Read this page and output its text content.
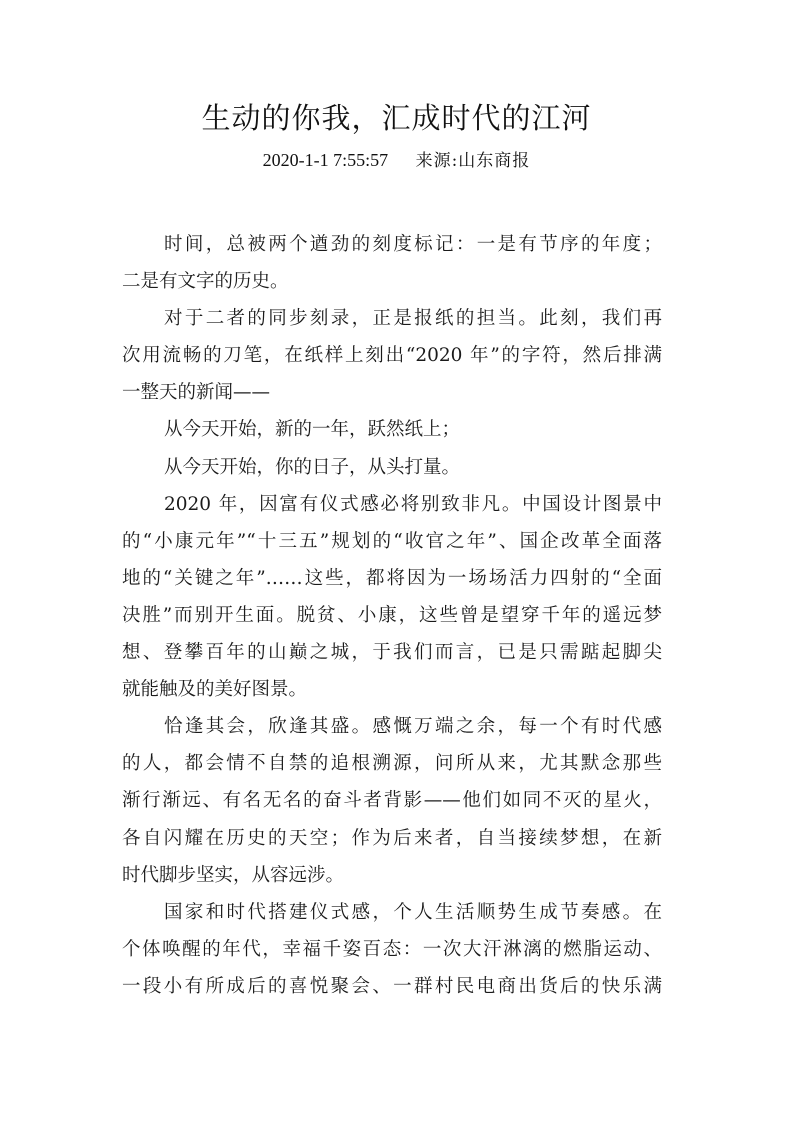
生动的你我，汇成时代的江河
2020-1-1 7:55:57 来源:山东商报
时间，总被两个遒劲的刻度标记：一是有节序的年度；
二是有文字的历史。
对于二者的同步刻录，正是报纸的担当。此刻，我们再
次用流畅的刀笔，在纸样上刻出“2020 年”的字符，然后排满
一整天的新闻——
从今天开始，新的一年，跃然纸上；
从今天开始，你的日子，从头打量。
2020 年，因富有仪式感必将别致非凡。中国设计图景中
的“小康元年”“十三五”规划的“收官之年”、国企改革全面落
地的“关键之年”……这些，都将因为一场场活力四射的“全面
决胜”而别开生面。脱贫、小康，这些曾是望穿千年的遥远梦
想、登攀百年的山巅之城，于我们而言，已是只需踮起脚尖
就能触及的美好图景。
恰逢其会，欣逢其盛。感慨万端之余，每一个有时代感
的人，都会情不自禁的追根溯源，问所从来，尤其默念那些
渐行渐远、有名无名的奋斗者背影——他们如同不灭的星火，
各自闪耀在历史的天空；作为后来者，自当接续梦想，在新
时代脚步坚实，从容远涉。
国家和时代搭建仪式感，个人生活顺势生成节奏感。在
个体唤醒的年代，幸福千姿百态：一次大汗淋漓的燃脂运动、
一段小有所成后的喜悦聚会、一群村民电商出货后的快乐满
